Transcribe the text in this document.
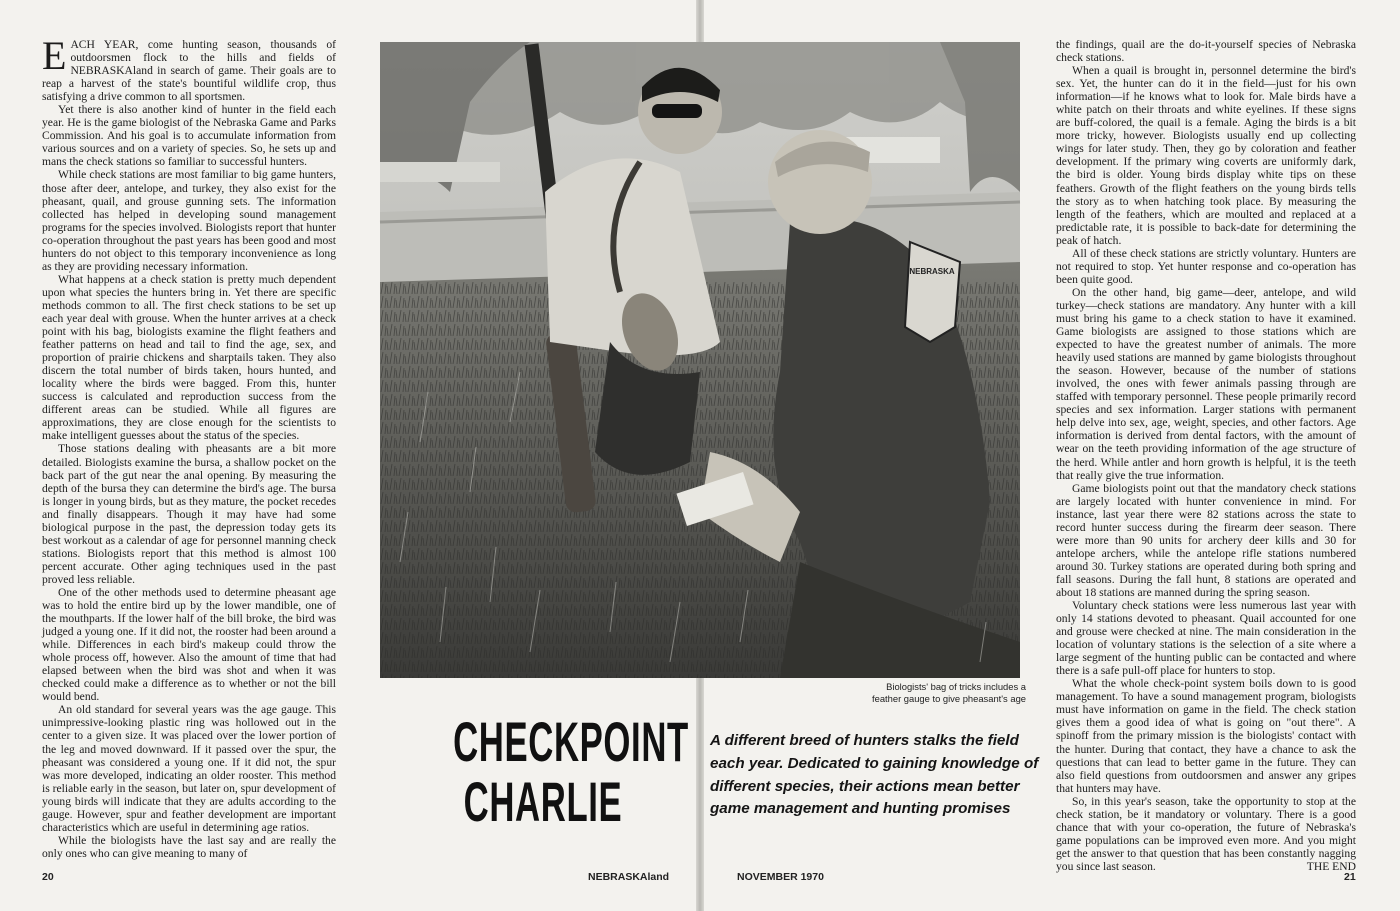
EACH YEAR, come hunting season, thousands of outdoorsmen flock to the hills and fields of NEBRASKAland in search of game. Their goals are to reap a harvest of the state's bountiful wildlife crop, thus satisfying a drive common to all sportsmen.

Yet there is also another kind of hunter in the field each year. He is the game biologist of the Nebraska Game and Parks Commission. And his goal is to accumulate information from various sources and on a variety of species. So, he sets up and mans the check stations so familiar to successful hunters.

While check stations are most familiar to big game hunters, those after deer, antelope, and turkey, they also exist for the pheasant, quail, and grouse gunning sets. The information collected has helped in developing sound management programs for the species involved. Biologists report that hunter co-operation throughout the past years has been good and most hunters do not object to this temporary inconvenience as long as they are providing necessary information.

What happens at a check station is pretty much dependent upon what species the hunters bring in. Yet there are specific methods common to all. The first check stations to be set up each year deal with grouse. When the hunter arrives at a check point with his bag, biologists examine the flight feathers and feather patterns on head and tail to find the age, sex, and proportion of prairie chickens and sharptails taken. They also discern the total number of birds taken, hours hunted, and locality where the birds were bagged. From this, hunter success is calculated and reproduction success from the different areas can be studied. While all figures are approximations, they are close enough for the scientists to make intelligent guesses about the status of the species.

Those stations dealing with pheasants are a bit more detailed. Biologists examine the bursa, a shallow pocket on the back part of the gut near the anal opening. By measuring the depth of the bursa they can determine the bird's age. The bursa is longer in young birds, but as they mature, the pocket recedes and finally disappears. Though it may have had some biological purpose in the past, the depression today gets its best workout as a calendar of age for personnel manning check stations. Biologists report that this method is almost 100 percent accurate. Other aging techniques used in the past proved less reliable.

One of the other methods used to determine pheasant age was to hold the entire bird up by the lower mandible, one of the mouthparts. If the lower half of the bill broke, the bird was judged a young one. If it did not, the rooster had been around a while. Differences in each bird's makeup could throw the whole process off, however. Also the amount of time that had elapsed between when the bird was shot and when it was checked could make a difference as to whether or not the bill would bend.

An old standard for several years was the age gauge. This unimpressive-looking plastic ring was hollowed out in the center to a given size. It was placed over the lower portion of the leg and moved downward. If it passed over the spur, the pheasant was considered a young one. If it did not, the spur was more developed, indicating an older rooster. This method is reliable early in the season, but later on, spur development of young birds will indicate that they are adults according to the gauge. However, spur and feather development are important characteristics which are useful in determining age ratios.

While the biologists have the last say and are really the only ones who can give meaning to many of

NEBRASKA
Biologists' bag of tricks includes a feather gauge to give pheasant's age
CHECKPOINT
CHARLIE
A different breed of hunters stalks the field each year. Dedicated to gaining knowledge of different species, their actions mean better game management and hunting promises

the findings, quail are the do-it-yourself species of Nebraska check stations.

When a quail is brought in, personnel determine the bird's sex. Yet, the hunter can do it in the field—just for his own information—if he knows what to look for. Male birds have a white patch on their throats and white eyelines. If these signs are buff-colored, the quail is a female. Aging the birds is a bit more tricky, however. Biologists usually end up collecting wings for later study. Then, they go by coloration and feather development. If the primary wing coverts are uniformly dark, the bird is older. Young birds display white tips on these feathers. Growth of the flight feathers on the young birds tells the story as to when hatching took place. By measuring the length of the feathers, which are moulted and replaced at a predictable rate, it is possible to back-date for determining the peak of hatch.

All of these check stations are strictly voluntary. Hunters are not required to stop. Yet hunter response and co-operation has been quite good.

On the other hand, big game—deer, antelope, and wild turkey—check stations are mandatory. Any hunter with a kill must bring his game to a check station to have it examined. Game biologists are assigned to those stations which are expected to have the greatest number of animals. The more heavily used stations are manned by game biologists throughout the season. However, because of the number of stations involved, the ones with fewer animals passing through are staffed with temporary personnel. These people primarily record species and sex information. Larger stations with permanent help delve into sex, age, weight, species, and other factors. Age information is derived from dental factors, with the amount of wear on the teeth providing information of the age structure of the herd. While antler and horn growth is helpful, it is the teeth that really give the true information.

Game biologists point out that the mandatory check stations are largely located with hunter convenience in mind. For instance, last year there were 82 stations across the state to record hunter success during the firearm deer season. There were more than 90 units for archery deer kills and 30 for antelope archers, while the antelope rifle stations numbered around 30. Turkey stations are operated during both spring and fall seasons. During the fall hunt, 8 stations are operated and about 18 stations are manned during the spring season.

Voluntary check stations were less numerous last year with only 14 stations devoted to pheasant. Quail accounted for one and grouse were checked at nine. The main consideration in the location of voluntary stations is the selection of a site where a large segment of the hunting public can be contacted and where there is a safe pull-off place for hunters to stop.

What the whole check-point system boils down to is good management. To have a sound management program, biologists must have information on game in the field. The check station gives them a good idea of what is going on "out there". A spinoff from the primary mission is the biologists' contact with the hunter. During that contact, they have a chance to ask the questions that can lead to better game in the future. They can also field questions from outdoorsmen and answer any gripes that hunters may have.

So, in this year's season, take the opportunity to stop at the check station, be it mandatory or voluntary. There is a good chance that with your co-operation, the future of Nebraska's game populations can be improved even more. And you might get the answer to that question that has been constantly nagging you since last season.	THE END

20	NEBRASKAland	NOVEMBER 1970	21
